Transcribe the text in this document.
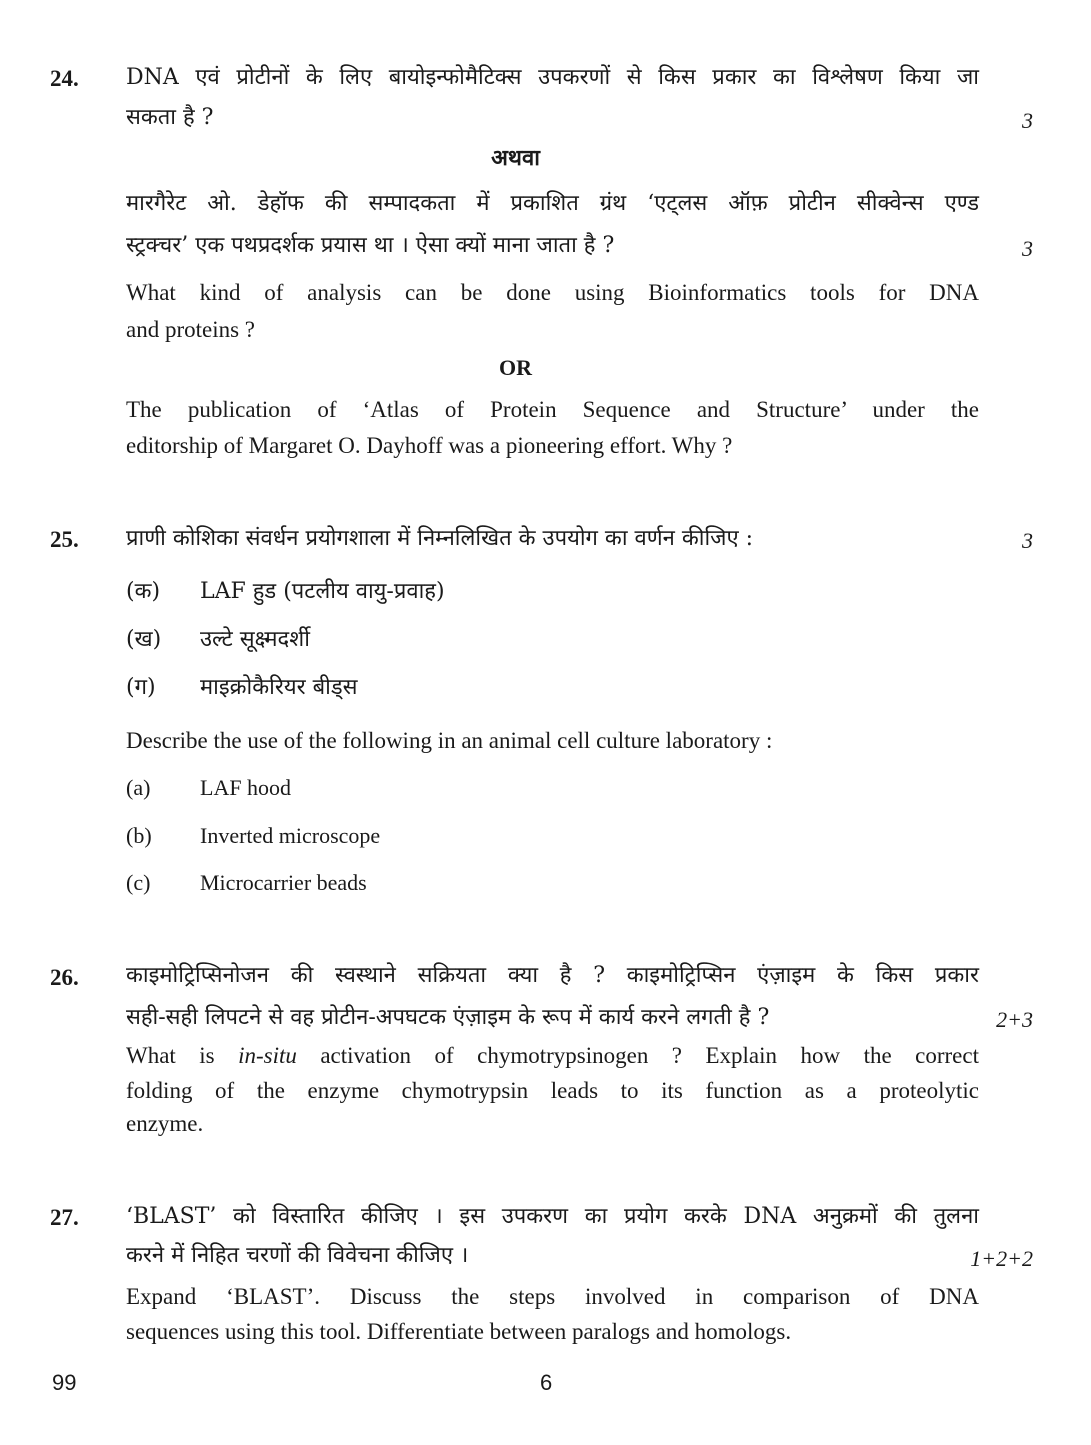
24. DNA एवं प्रोटीनों के लिए बायोइन्फोमैटिक्स उपकरणों से किस प्रकार का विश्लेषण किया जा
सकता है ?	3
अथवा
मारगैरेट ओ. डेहॉफ की सम्पादकता में प्रकाशित ग्रंथ ‘एट्लस ऑफ़ प्रोटीन सीक्वेन्स एण्ड
स्ट्रक्चर’ एक पथप्रदर्शक प्रयास था । ऐसा क्यों माना जाता है ?	3
What kind of analysis can be done using Bioinformatics tools for DNA
and proteins ?
OR
The publication of ‘Atlas of Protein Sequence and Structure’ under the
editorship of Margaret O. Dayhoff was a pioneering effort. Why ?
25. प्राणी कोशिका संवर्धन प्रयोगशाला में निम्नलिखित के उपयोग का वर्णन कीजिए :	3
(क) LAF हुड (पटलीय वायु-प्रवाह)
(ख) उल्टे सूक्ष्मदर्शी
(ग) माइक्रोकैरियर बीड्स
Describe the use of the following in an animal cell culture laboratory :
(a) LAF hood
(b) Inverted microscope
(c) Microcarrier beads
26. काइमोट्रिप्सिनोजन की स्वस्थाने सक्रियता क्या है ? काइमोट्रिप्सिन एंज़ाइम के किस प्रकार
सही-सही लिपटने से वह प्रोटीन-अपघटक एंज़ाइम के रूप में कार्य करने लगती है ?	2+3
What is in-situ activation of chymotrypsinogen ? Explain how the correct
folding of the enzyme chymotrypsin leads to its function as a proteolytic
enzyme.
27. ‘BLAST’ को विस्तारित कीजिए । इस उपकरण का प्रयोग करके DNA अनुक्रमों की तुलना
करने में निहित चरणों की विवेचना कीजिए ।	1+2+2
Expand ‘BLAST’. Discuss the steps involved in comparison of DNA
sequences using this tool. Differentiate between paralogs and homologs.
99	6
